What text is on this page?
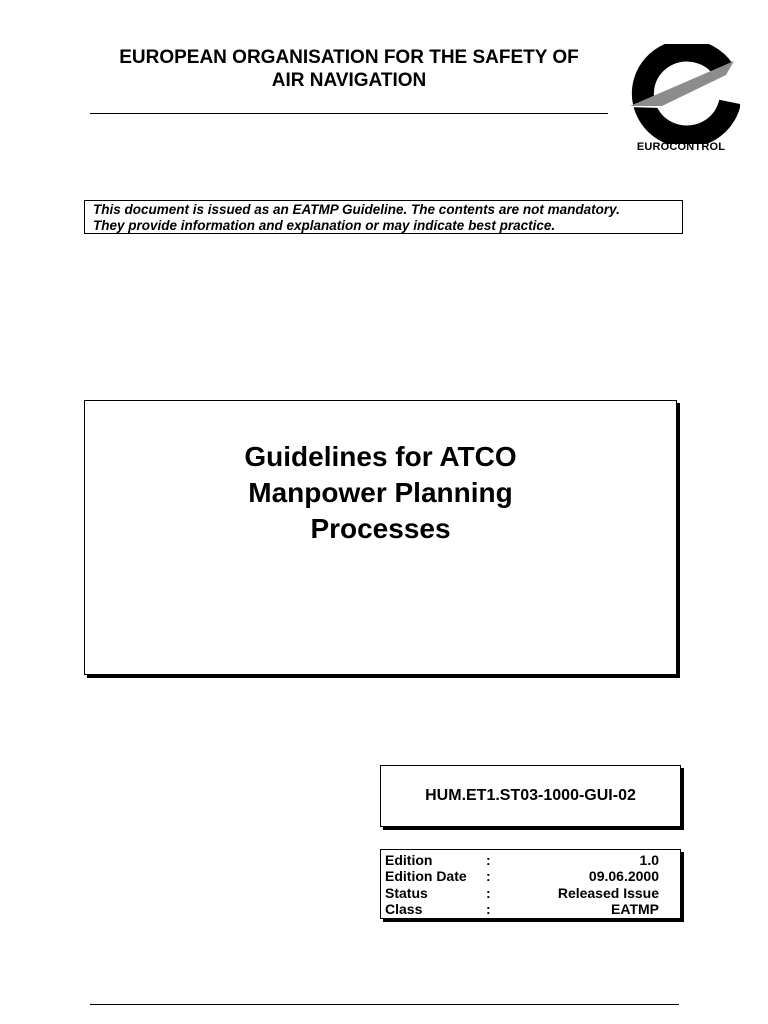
EUROPEAN ORGANISATION FOR THE SAFETY OF
AIR NAVIGATION
EUROCONTROL
This document is issued as an EATMP Guideline. The contents are not mandatory.
They provide information and explanation or may indicate best practice.
Guidelines for ATCO
Manpower Planning
Processes
HUM.ET1.ST03-1000-GUI-02
Edition	:	1.0
Edition Date :	09.06.2000
Status	:	Released Issue
Class	:	EATMP
